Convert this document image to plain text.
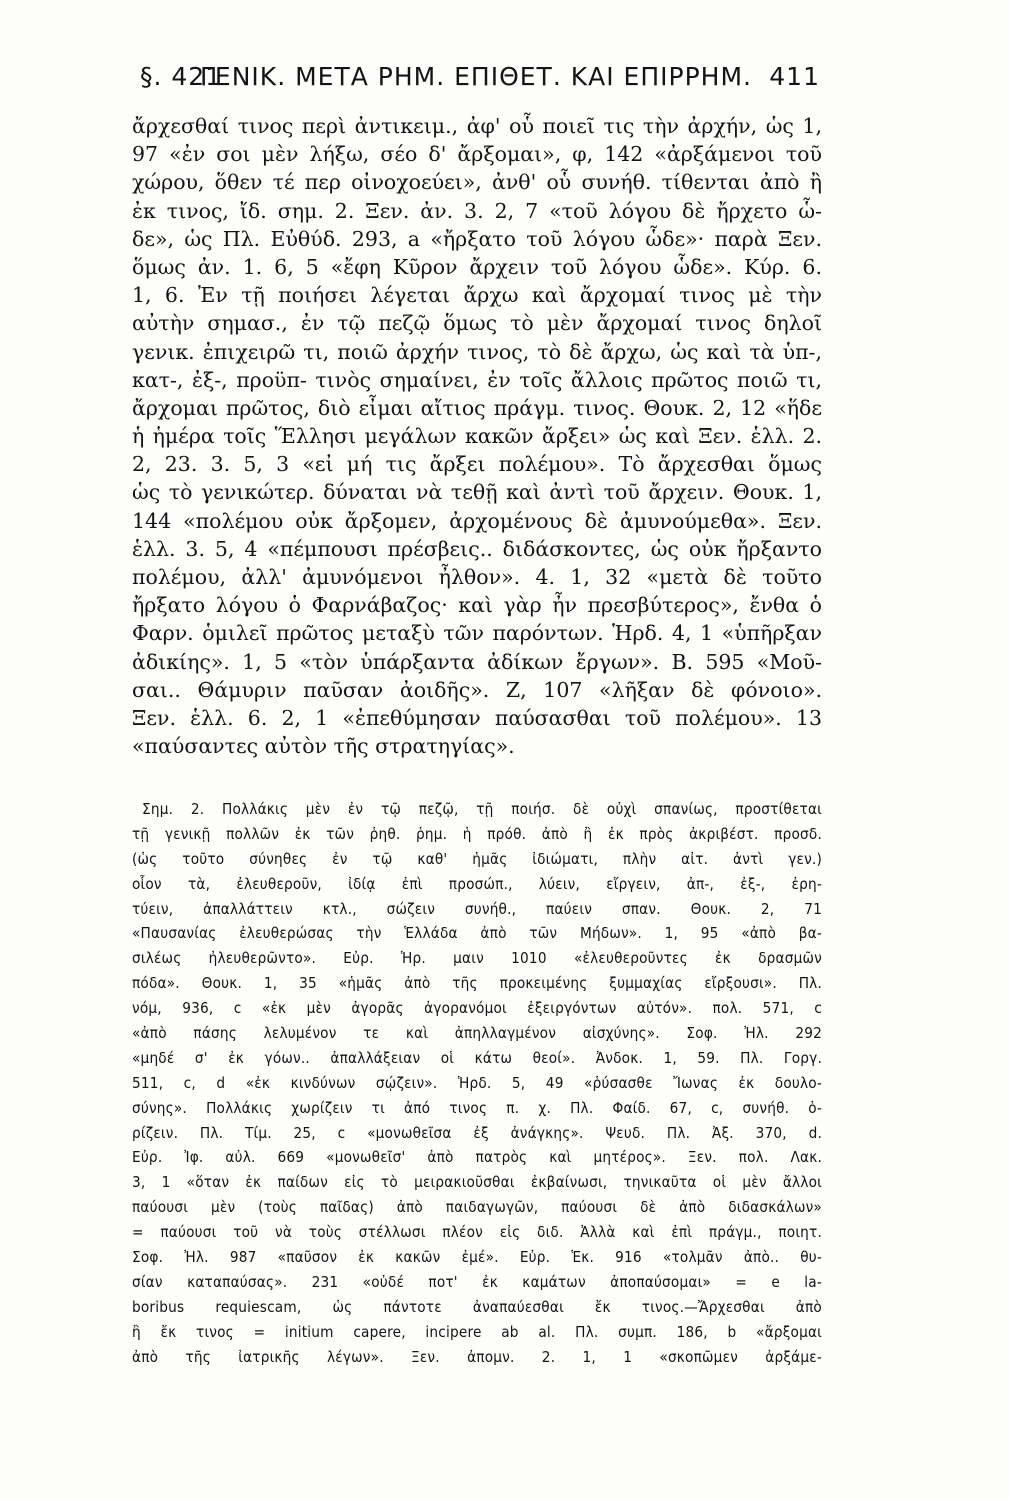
§. 421
ΓΕΝΙΚ. ΜΕΤΑ ΡΗΜ. ΕΠΙΘΕΤ. ΚΑΙ ΕΠΙΡΡΗΜ. 411
ἄρχεσθαί τινος περὶ ἀντικειμ., ἀφ' οὗ ποιεῖ τις τὴν ἀρχήν, ὡς 1,
97 «ἐν σοι μὲν λήξω, σέο δ' ἄρξομαι», φ, 142 «ἀρξάμενοι τοῦ
χώρου, ὅθεν τέ περ οἰνοχοεύει», ἀνθ' οὗ συνήθ. τίθενται ἀπὸ ἢ
ἐκ τινος, ἴδ. σημ. 2. Ξεν. ἀν. 3. 2, 7 «τοῦ λόγου δὲ ἤρχετο ὧ-
δε», ὡς Πλ. Εὐθύδ. 293, a «ἤρξατο τοῦ λόγου ὧδε»· παρὰ Ξεν.
ὅμως ἀν. 1. 6, 5 «ἔφη Κῦρον ἄρχειν τοῦ λόγου ὧδε». Κύρ. 6.
1, 6. Ἐν τῇ ποιήσει λέγεται ἄρχω καὶ ἄρχομαί τινος μὲ τὴν
αὐτὴν σημασ., ἐν τῷ πεζῷ ὅμως τὸ μὲν ἄρχομαί τινος δηλοῖ
γενικ. ἐπιχειρῶ τι, ποιῶ ἀρχήν τινος, τὸ δὲ ἄρχω, ὡς καὶ τὰ ὑπ-,
κατ-, ἐξ-, προϋπ- τινὸς σημαίνει, ἐν τοῖς ἄλλοις πρῶτος ποιῶ τι,
ἄρχομαι πρῶτος, διὸ εἶμαι αἴτιος πράγμ. τινος. Θουκ. 2, 12 «ἥδε
ἡ ἡμέρα τοῖς Ἕλλησι μεγάλων κακῶν ἄρξει» ὡς καὶ Ξεν. ἑλλ. 2.
2, 23. 3. 5, 3 «εἰ μή τις ἄρξει πολέμου». Τὸ ἄρχεσθαι ὅμως
ὡς τὸ γενικώτερ. δύναται νὰ τεθῇ καὶ ἀντὶ τοῦ ἄρχειν. Θουκ. 1,
144 «πολέμου οὐκ ἄρξομεν, ἀρχομένους δὲ ἀμυνούμεθα». Ξεν.
ἑλλ. 3. 5, 4 «πέμπουσι πρέσβεις.. διδάσκοντες, ὡς οὐκ ἤρξαντο
πολέμου, ἀλλ' ἀμυνόμενοι ἦλθον». 4. 1, 32 «μετὰ δὲ τοῦτο
ἤρξατο λόγου ὁ Φαρνάβαζος· καὶ γὰρ ἦν πρεσβύτερος», ἔνθα ὁ
Φαρν. ὁμιλεῖ πρῶτος μεταξὺ τῶν παρόντων. Ἡρδ. 4, 1 «ὑπῆρξαν
ἀδικίης». 1, 5 «τὸν ὑπάρξαντα ἀδίκων ἔργων». Β. 595 «Μοῦ-
σαι.. Θάμυριν παῦσαν ἀοιδῆς». Ζ, 107 «λῆξαν δὲ φόνοιο».
Ξεν. ἑλλ. 6. 2, 1 «ἐπεθύμησαν παύσασθαι τοῦ πολέμου». 13
«παύσαντες αὐτὸν τῆς στρατηγίας».
Σημ. 2. Πολλάκις μὲν ἐν τῷ πεζῷ, τῇ ποιήσ. δὲ οὐχὶ σπανίως, προστίθεται
τῇ γενικῇ πολλῶν ἐκ τῶν ῥηθ. ῥημ. ἡ πρόθ. ἀπὸ ἢ ἐκ πρὸς ἀκριβέστ. προσδ.
(ὡς τοῦτο σύνηθες ἐν τῷ καθ' ἡμᾶς ἰδιώματι, πλὴν αἰτ. ἀντὶ γεν.)
οἷον τὰ, ἐλευθεροῦν, ἰδίᾳ ἐπὶ προσώπ., λύειν, εἴργειν, ἀπ-, ἐξ-, ἐρη-
τύειν, ἀπαλλάττειν κτλ., σώζειν συνήθ., παύειν σπαν. Θουκ. 2, 71
«Παυσανίας ἐλευθερώσας τὴν Ἑλλάδα ἀπὸ τῶν Μήδων». 1, 95 «ἀπὸ βα-
σιλέως ἠλευθερῶντο». Εὐρ. Ἡρ. μαιν 1010 «ἐλευθεροῦντες ἐκ δρασμῶν
πόδα». Θουκ. 1, 35 «ἡμᾶς ἀπὸ τῆς προκειμένης ξυμμαχίας εἴρξουσι». Πλ.
νόμ, 936, c «ἐκ μὲν ἀγορᾶς ἀγορανόμοι ἐξειργόντων αὐτόν». πολ. 571, c
«ἀπὸ πάσης λελυμένον τε καὶ ἀπηλλαγμένον αἰσχύνης». Σοφ. Ἠλ. 292
«μηδέ σ' ἐκ γόων.. ἀπαλλάξειαν οἱ κάτω θεοί». Ἀνδοκ. 1, 59. Πλ. Γοργ.
511, c, d «ἐκ κινδύνων σῴζειν». Ἡρδ. 5, 49 «ῥύσασθε Ἴωνας ἐκ δουλο-
σύνης». Πολλάκις χωρίζειν τι ἀπό τινος π. χ. Πλ. Φαίδ. 67, c, συνήθ. ὁ-
ρίζειν. Πλ. Τίμ. 25, c «μονωθεῖσα ἐξ ἀνάγκης». Ψευδ. Πλ. Ἀξ. 370, d.
Εὐρ. Ἰφ. αὐλ. 669 «μονωθεῖσ' ἀπὸ πατρὸς καὶ μητέρος». Ξεν. πολ. Λακ.
3, 1 «ὅταν ἐκ παίδων εἰς τὸ μειρακιοῦσθαι ἐκβαίνωσι, τηνικαῦτα οἱ μὲν ἄλλοι
παύουσι μὲν (τοὺς παῖδας) ἀπὸ παιδαγωγῶν, παύουσι δὲ ἀπὸ διδασκάλων»
= παύουσι τοῦ νὰ τοὺς στέλλωσι πλέον εἰς διδ. Ἀλλὰ καὶ ἐπὶ πράγμ., ποιητ.
Σοφ. Ἠλ. 987 «παῦσον ἐκ κακῶν ἐμέ». Εὐρ. Ἑκ. 916 «τολμᾶν ἀπὸ.. θυ-
σίαν καταπαύσας». 231 «οὐδέ ποτ' ἐκ καμάτων ἀποπαύσομαι» = e la-
boribus requiescam, ὡς πάντοτε ἀναπαύεσθαι ἔκ τινος.—Ἄρχεσθαι ἀπὸ
ἢ ἔκ τινος = initium capere, incipere ab al. Πλ. συμπ. 186, b «ἄρξομαι
ἀπὸ τῆς ἰατρικῆς λέγων». Ξεν. ἀπομν. 2. 1, 1 «σκοπῶμεν ἀρξάμε-
